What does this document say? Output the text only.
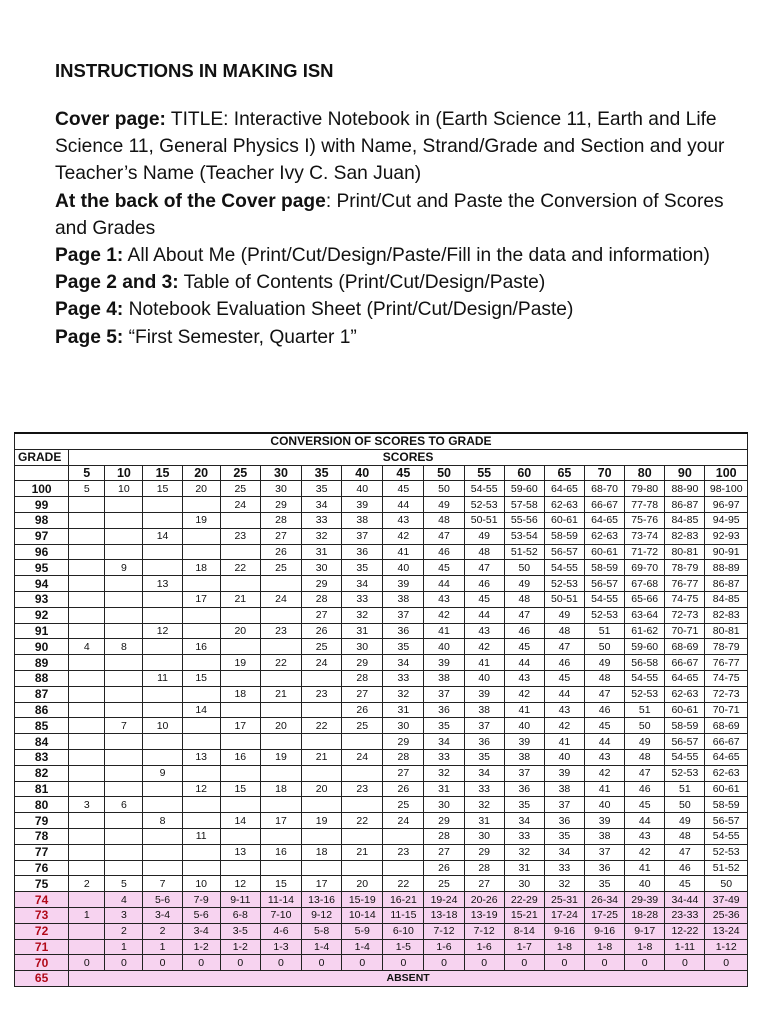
INSTRUCTIONS IN MAKING ISN

Cover page: TITLE: Interactive Notebook in (Earth Science 11, Earth and Life Science 11, General Physics I) with Name, Strand/Grade and Section and your Teacher’s Name (Teacher Ivy C. San Juan)

At the back of the Cover page: Print/Cut and Paste the Conversion of Scores and Grades

Page 1: All About Me (Print/Cut/Design/Paste/Fill in the data and information)

Page 2 and 3: Table of Contents (Print/Cut/Design/Paste)

Page 4: Notebook Evaluation Sheet (Print/Cut/Design/Paste)

Page 5: “First Semester, Quarter 1”

CONVERSION OF SCORES TO GRADE																	
GRADE	SCORES																
	5	10	15	20	25	30	35	40	45	50	55	60	65	70	80	90	100
100	5	10	15	20	25	30	35	40	45	50	54-55	59-60	64-65	68-70	79-80	88-90	98-100
99					24	29	34	39	44	49	52-53	57-58	62-63	66-67	77-78	86-87	96-97
98				19		28	33	38	43	48	50-51	55-56	60-61	64-65	75-76	84-85	94-95
97			14		23	27	32	37	42	47	49	53-54	58-59	62-63	73-74	82-83	92-93
96						26	31	36	41	46	48	51-52	56-57	60-61	71-72	80-81	90-91
95		9		18	22	25	30	35	40	45	47	50	54-55	58-59	69-70	78-79	88-89
94			13				29	34	39	44	46	49	52-53	56-57	67-68	76-77	86-87
93				17	21	24	28	33	38	43	45	48	50-51	54-55	65-66	74-75	84-85
92							27	32	37	42	44	47	49	52-53	63-64	72-73	82-83
91			12		20	23	26	31	36	41	43	46	48	51	61-62	70-71	80-81
90	4	8		16			25	30	35	40	42	45	47	50	59-60	68-69	78-79
89					19	22	24	29	34	39	41	44	46	49	56-58	66-67	76-77
88			11	15				28	33	38	40	43	45	48	54-55	64-65	74-75
87					18	21	23	27	32	37	39	42	44	47	52-53	62-63	72-73
86				14				26	31	36	38	41	43	46	51	60-61	70-71
85		7	10		17	20	22	25	30	35	37	40	42	45	50	58-59	68-69
84									29	34	36	39	41	44	49	56-57	66-67
83				13	16	19	21	24	28	33	35	38	40	43	48	54-55	64-65
82			9						27	32	34	37	39	42	47	52-53	62-63
81				12	15	18	20	23	26	31	33	36	38	41	46	51	60-61
80	3	6							25	30	32	35	37	40	45	50	58-59
79			8		14	17	19	22	24	29	31	34	36	39	44	49	56-57
78				11						28	30	33	35	38	43	48	54-55
77					13	16	18	21	23	27	29	32	34	37	42	47	52-53
76										26	28	31	33	36	41	46	51-52
75	2	5	7	10	12	15	17	20	22	25	27	30	32	35	40	45	50
74		4	5-6	7-9	9-11	11-14	13-16	15-19	16-21	19-24	20-26	22-29	25-31	26-34	29-39	34-44	37-49
73	1	3	3-4	5-6	6-8	7-10	9-12	10-14	11-15	13-18	13-19	15-21	17-24	17-25	18-28	23-33	25-36
72		2	2	3-4	3-5	4-6	5-8	5-9	6-10	7-12	7-12	8-14	9-16	9-16	9-17	12-22	13-24
71		1	1	1-2	1-2	1-3	1-4	1-4	1-5	1-6	1-6	1-7	1-8	1-8	1-8	1-11	1-12
70	0	0	0	0	0	0	0	0	0	0	0	0	0	0	0	0	0
65	ABSENT																
